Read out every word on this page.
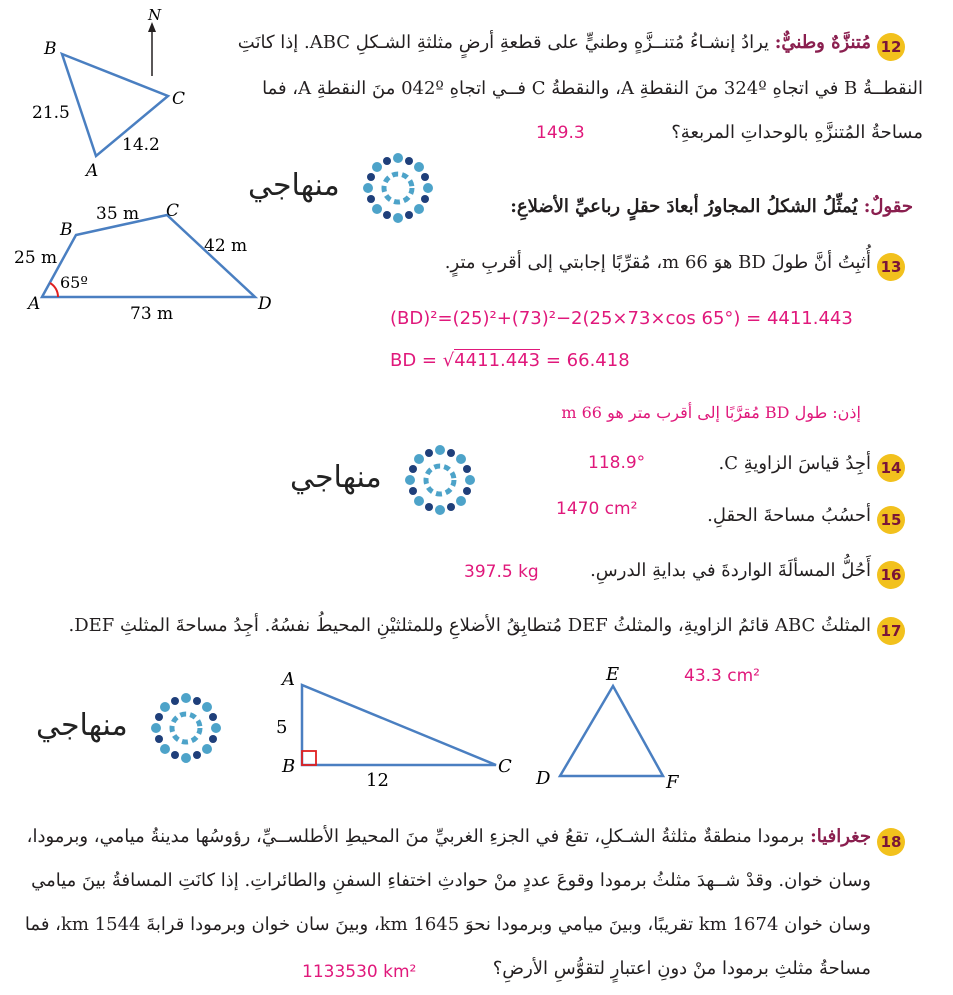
N
B
C
A
21.5
14.2
12
مُتنزَّهٌ وطنيٌّ: يرادُ إنشـاءُ مُتنــزَّهٍ وطنيٍّ على قطعةِ أرضٍ مثلثةِ الشـكلِ ABC. إذا كانَتِ
النقطــةُ B في اتجاهِ 324º منَ النقطةِ A، والنقطةُ C فــي اتجاهِ 042º منَ النقطةِ A، فما
مساحةُ المُتنزَّهِ بالوحداتِ المربعةِ؟
149.3
منهاجي
حقولٌ: يُمثِّلُ الشكلُ المجاورُ أبعادَ حقلٍ رباعيِّ الأضلاعِ:
A
B
C
D
25 m
35 m
42 m
73 m
65º
13
أُثبِتُ أنَّ طولَ BD هوَ 66 m، مُقرِّبًا إجابتي إلى أقربِ مترٍ.
(BD)²=(25)²+(73)²−2(25×73×cos 65°) = 4411.443
BD = √4411.443 = 66.418
إذن: طول BD مُقرَّبًا إلى أقرب متر هو 66 m
منهاجي	14
أجِدُ قياسَ الزاويةِ C.
118.9°
15
أحسُبُ مساحةَ الحقلِ.
1470 cm²
16
أَحُلُّ المسألَةَ الواردةَ في بدايةِ الدرسِ.
397.5 kg
17
المثلثُ ABC قائمُ الزاويةِ، والمثلثُ DEF مُتطابِقُ الأضلاعِ وللمثلثيْنِ المحيطُ نفسُهُ. أجِدُ مساحةَ المثلثِ DEF.
43.3 cm²
منهاجي
A
B	C
5
12
E
D	F
18
جغرافيا: برمودا منطقةٌ مثلثةُ الشـكلِ، تقعُ في الجزءِ الغربيِّ منَ المحيطِ الأطلســيِّ، رؤوسُها مدينةُ ميامي، وبرمودا،
وسان خوان. وقدْ شــهدَ مثلثُ برمودا وقوعَ عددٍ منْ حوادثِ اختفاءِ السفنِ والطائراتِ. إذا كانَتِ المسافةُ بينَ ميامي
وسان خوان 1674 km تقريبًا، وبينَ ميامي وبرمودا نحوَ 1645 km، وبينَ سان خوان وبرمودا قرابةَ 1544 km، فما
مساحةُ مثلثِ برمودا منْ دونِ اعتبارٍ لتقوُّسِ الأرضِ؟
1133530 km²
